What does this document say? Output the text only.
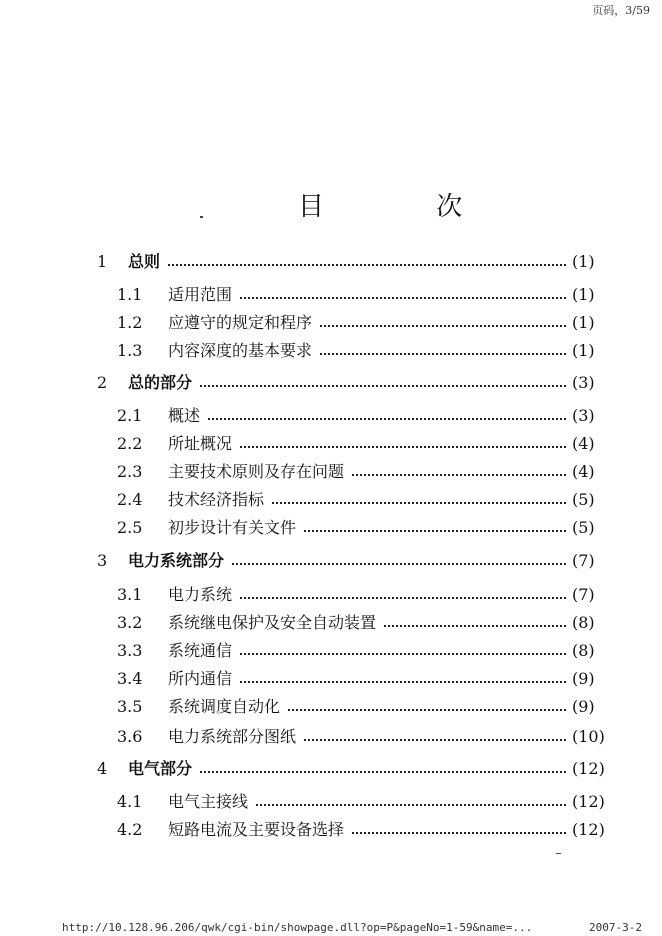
页码，3/59
目 次
1 总则	(1)
1.1 适用范围	(1)
1.2 应遵守的规定和程序	(1)
1.3 内容深度的基本要求	(1)
2 总的部分	(3)
2.1 概述	(3)
2.2 所址概况	(4)
2.3 主要技术原则及存在问题	(4)
2.4 技术经济指标	(5)
2.5 初步设计有关文件	(5)
3 电力系统部分	(7)
3.1 电力系统	(7)
3.2 系统继电保护及安全自动装置	(8)
3.3 系统通信	(8)
3.4 所内通信	(9)
3.5 系统调度自动化	(9)
3.6 电力系统部分图纸	(10)
4 电气部分	(12)
4.1 电气主接线	(12)
4.2 短路电流及主要设备选择	(12)
http://10.128.96.206/qwk/cgi-bin/showpage.dll?op=P&pageNo=1-59&name=...	2007-3-2
